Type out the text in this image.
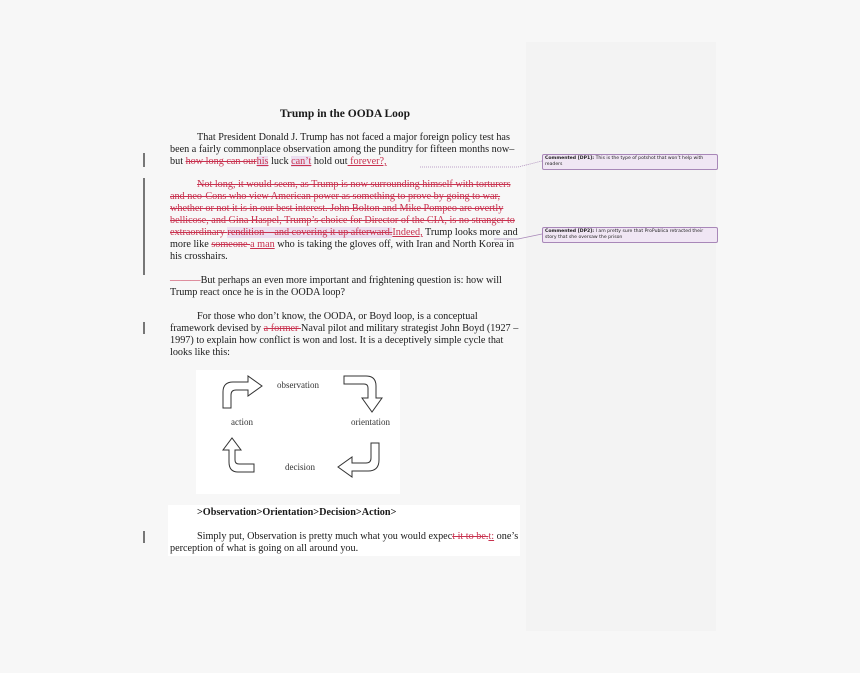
Trump in the OODA Loop
That President Donald J. Trump has not faced a major foreign policy test has been a fairly commonplace observation among the punditry for fifteen months now– but how long can ourhis luck can’t hold out forever?,
Not long, it would seem, as Trump is now surrounding himself with torturers and neo-Cons who view American power as something to prove by going to war, whether or not it is in our best interest. John Bolton and Mike Pompeo are overtly bellicose, and Gina Haspel, Trump’s choice for Director of the CIA, is no stranger to extraordinary rendition – and covering it up afterward.Indeed, Trump looks more and more like someone a man who is taking the gloves off, with Iran and North Korea in his crosshairs.
———But perhaps an even more important and frightening question is: how will Trump react once he is in the OODA loop?
For those who don’t know, the OODA, or Boyd loop, is a conceptual framework devised by a former Naval pilot and military strategist John Boyd (1927 – 1997) to explain how conflict is won and lost. It is a deceptively simple cycle that looks like this:
observation
orientation
decision
action
>Observation>Orientation>Decision>Action>
Simply put, Observation is pretty much what you would expect it to be.t: one’s perception of what is going on all around you.
Commented [DP1]: This is the type of potshot that won’t help with readers
Commented [DP2]: I am pretty sure that ProPublica retracted their story that she oversaw the prison
